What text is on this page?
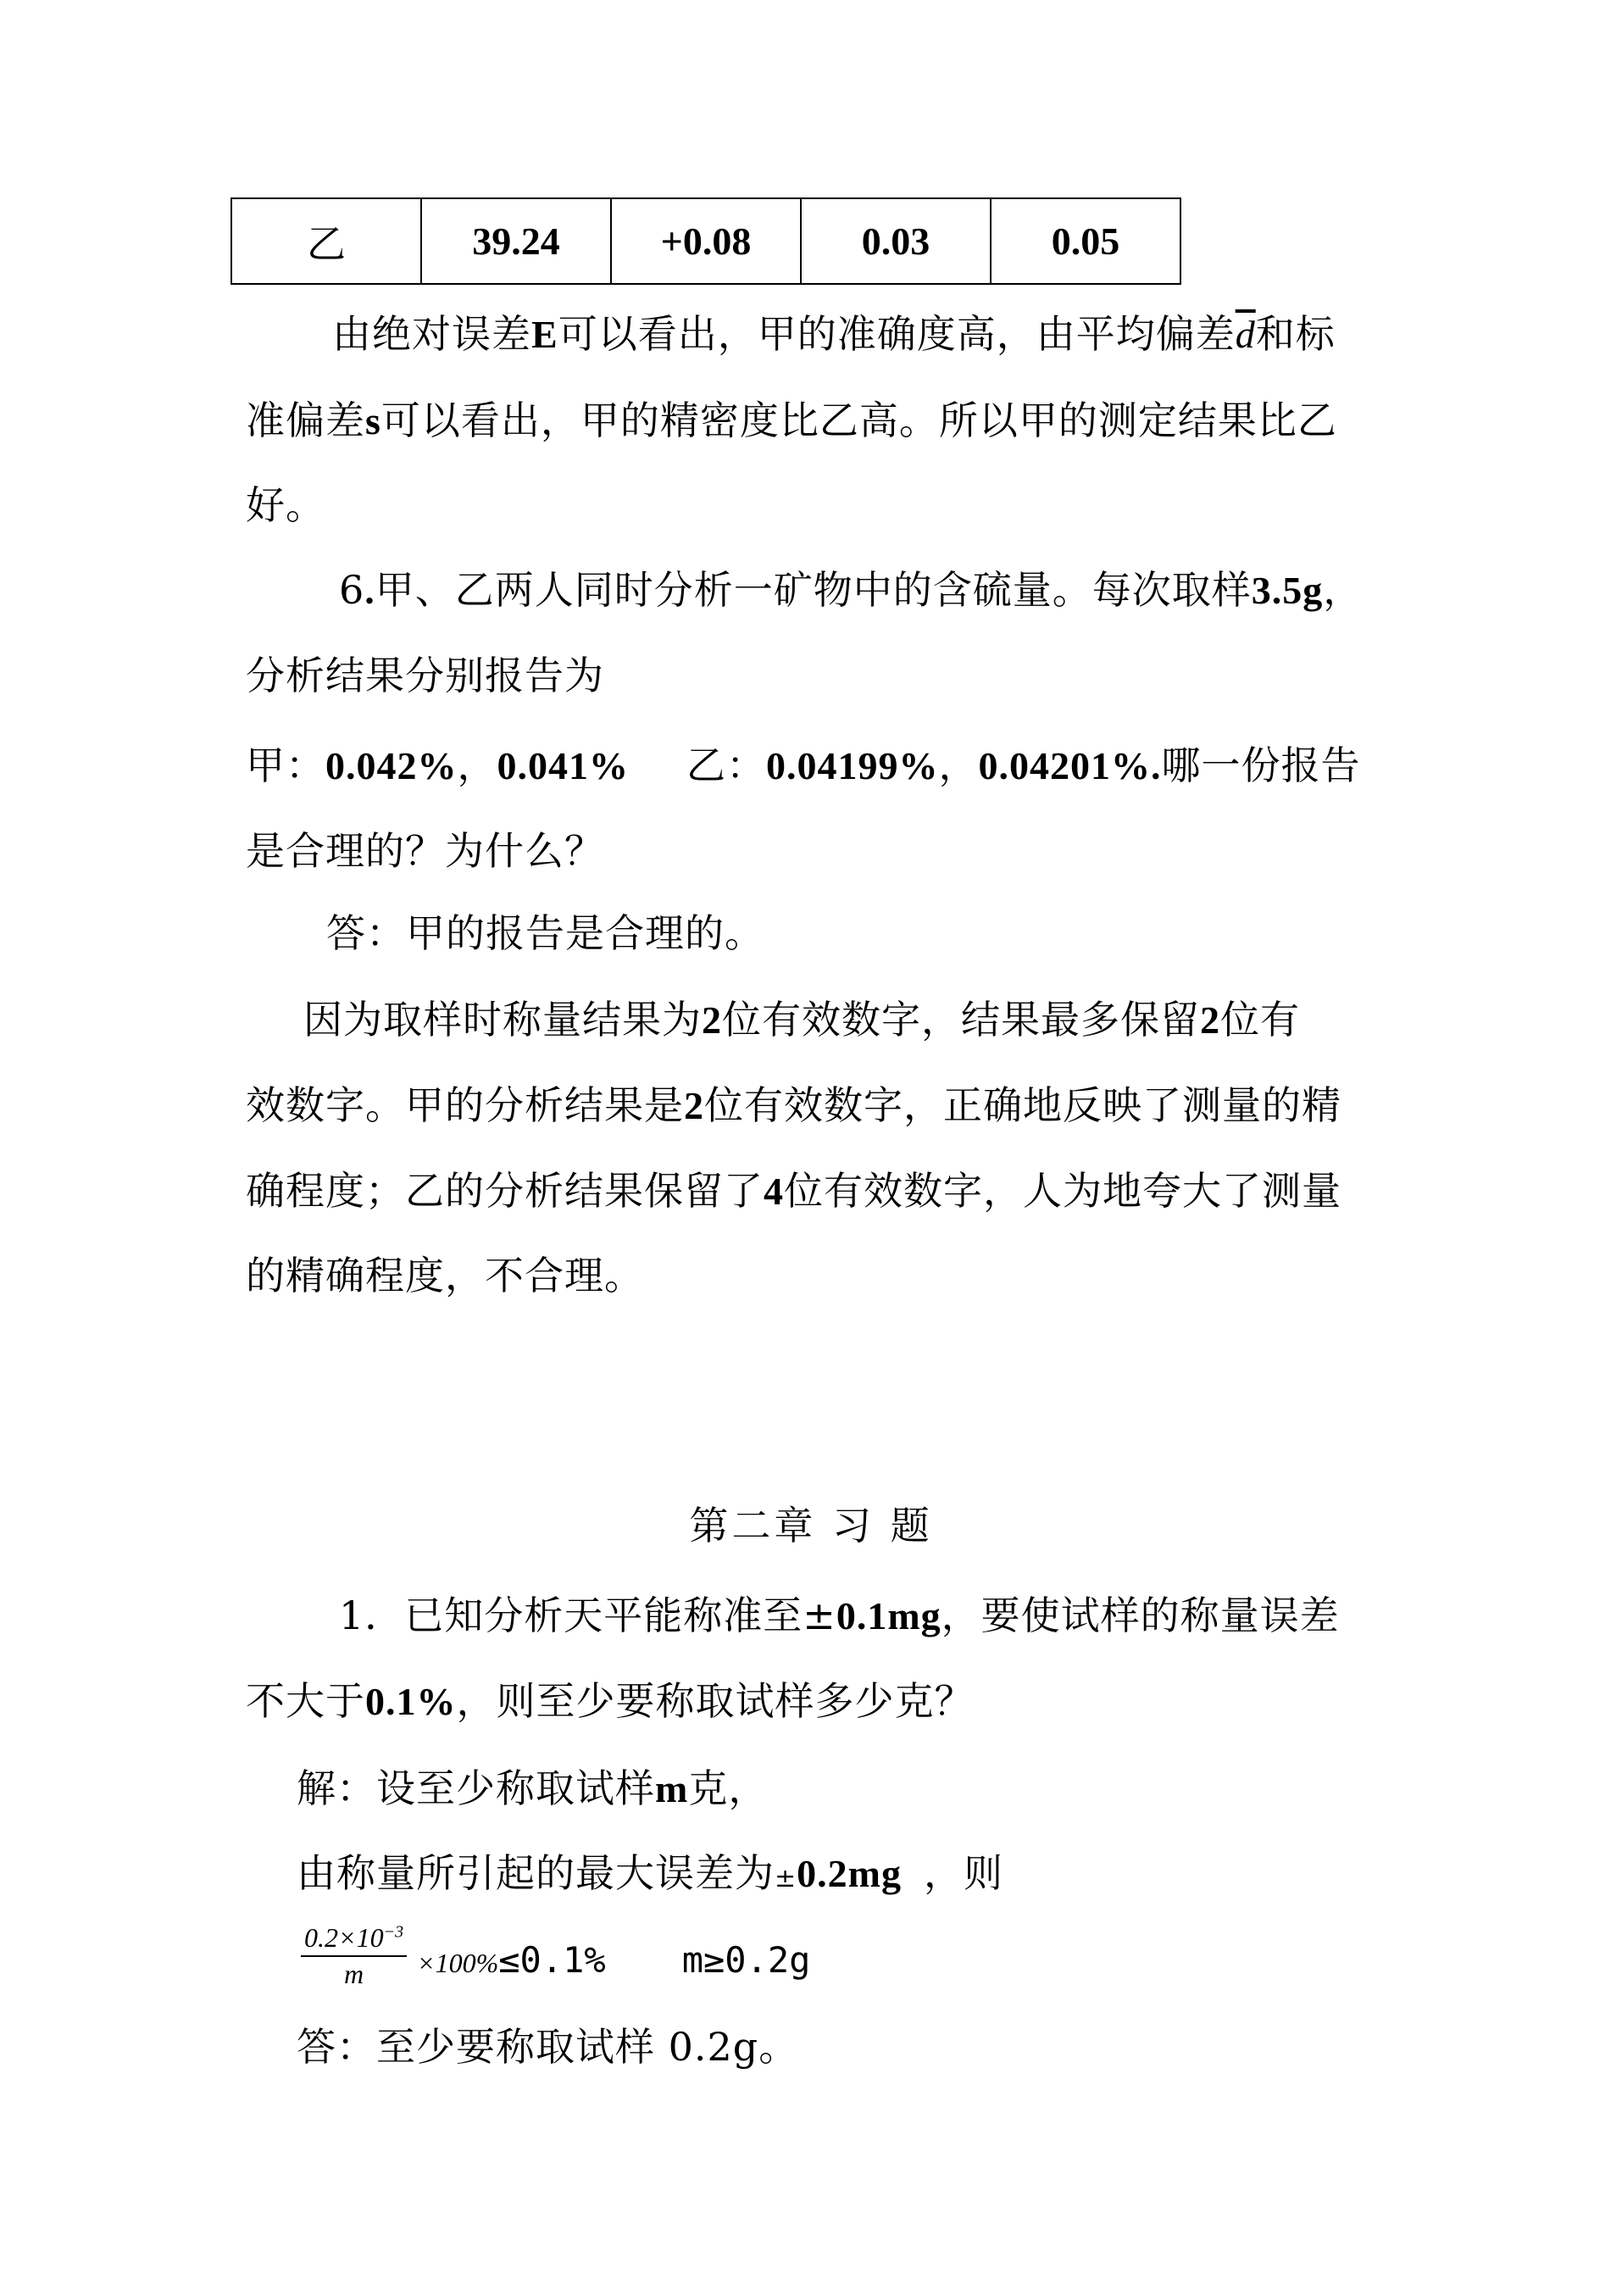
乙	39.24	+0.08	0.03	0.05
由绝对误差E可以看出，甲的准确度高，由平均偏差$\overline{d}$和标
准偏差s可以看出，甲的精密度比乙高。所以甲的测定结果比乙
好。
6.甲、乙两人同时分析一矿物中的含硫量。每次取样3.5g，
分析结果分别报告为
甲：0.042%，0.041% 乙：0.04199%，0.04201%.哪一份报告
是合理的？为什么？
答：甲的报告是合理的。
因为取样时称量结果为2位有效数字，结果最多保留2位有
效数字。甲的分析结果是2位有效数字，正确地反映了测量的精
确程度；乙的分析结果保留了4位有效数字，人为地夸大了测量
的精确程度，不合理。
第二章 习 题
1．已知分析天平能称准至±0.1mg，要使试样的称量误差
不大于0.1%，则至少要称取试样多少克？
解：设至少称取试样m克，
由称量所引起的最大误差为±0.2mg ，则
$\frac{0.2\times 10^{-3}}{m} \times 100\%\le 0.1\%$ m≥0.2g
答：至少要称取试样 0.2g。
